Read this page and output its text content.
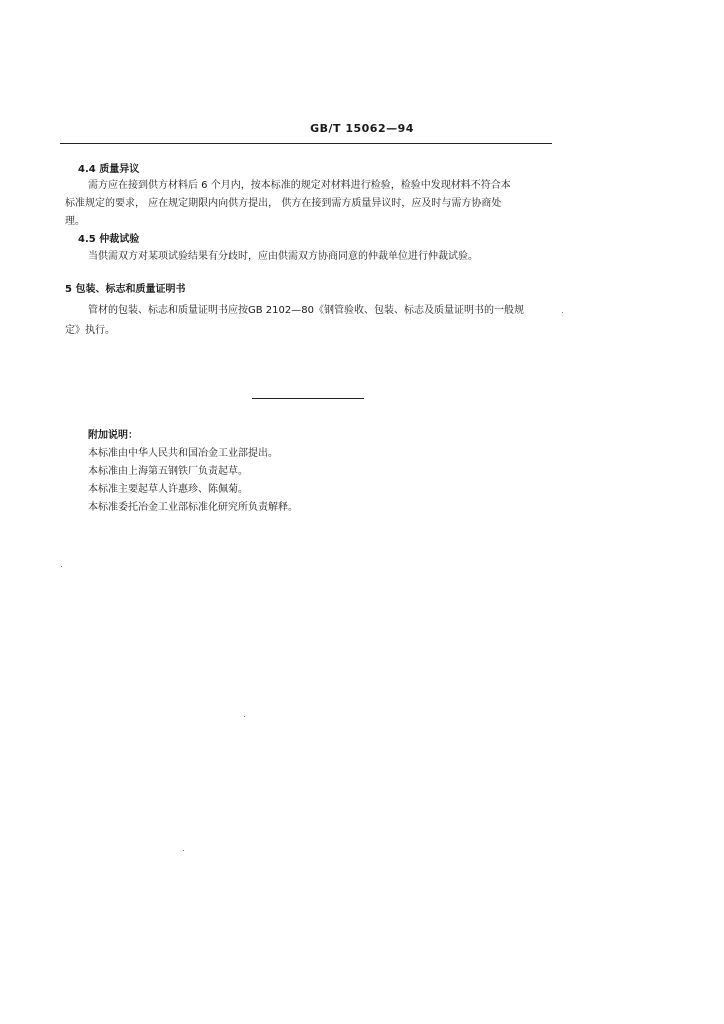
GB/T 15062—94
4.4 质量异议
需方应在接到供方材料后 6 个月内，按本标准的规定对材料进行检验，检验中发现材料不符合本
标准规定的要求， 应在规定期限内向供方提出， 供方在接到需方质量异议时，应及时与需方协商处
理。
4.5 仲裁试验
当供需双方对某项试验结果有分歧时，应由供需双方协商同意的仲裁单位进行仲裁试验。
5 包装、标志和质量证明书
管材的包装、标志和质量证明书应按GB 2102—80《钢管验收、包装、标志及质量证明书的一般规
定》执行。
附加说明：
本标准由中华人民共和国冶金工业部提出。
本标准由上海第五钢铁厂负责起草。
本标准主要起草人许惠珍、陈佩菊。
本标准委托冶金工业部标准化研究所负责解释。
